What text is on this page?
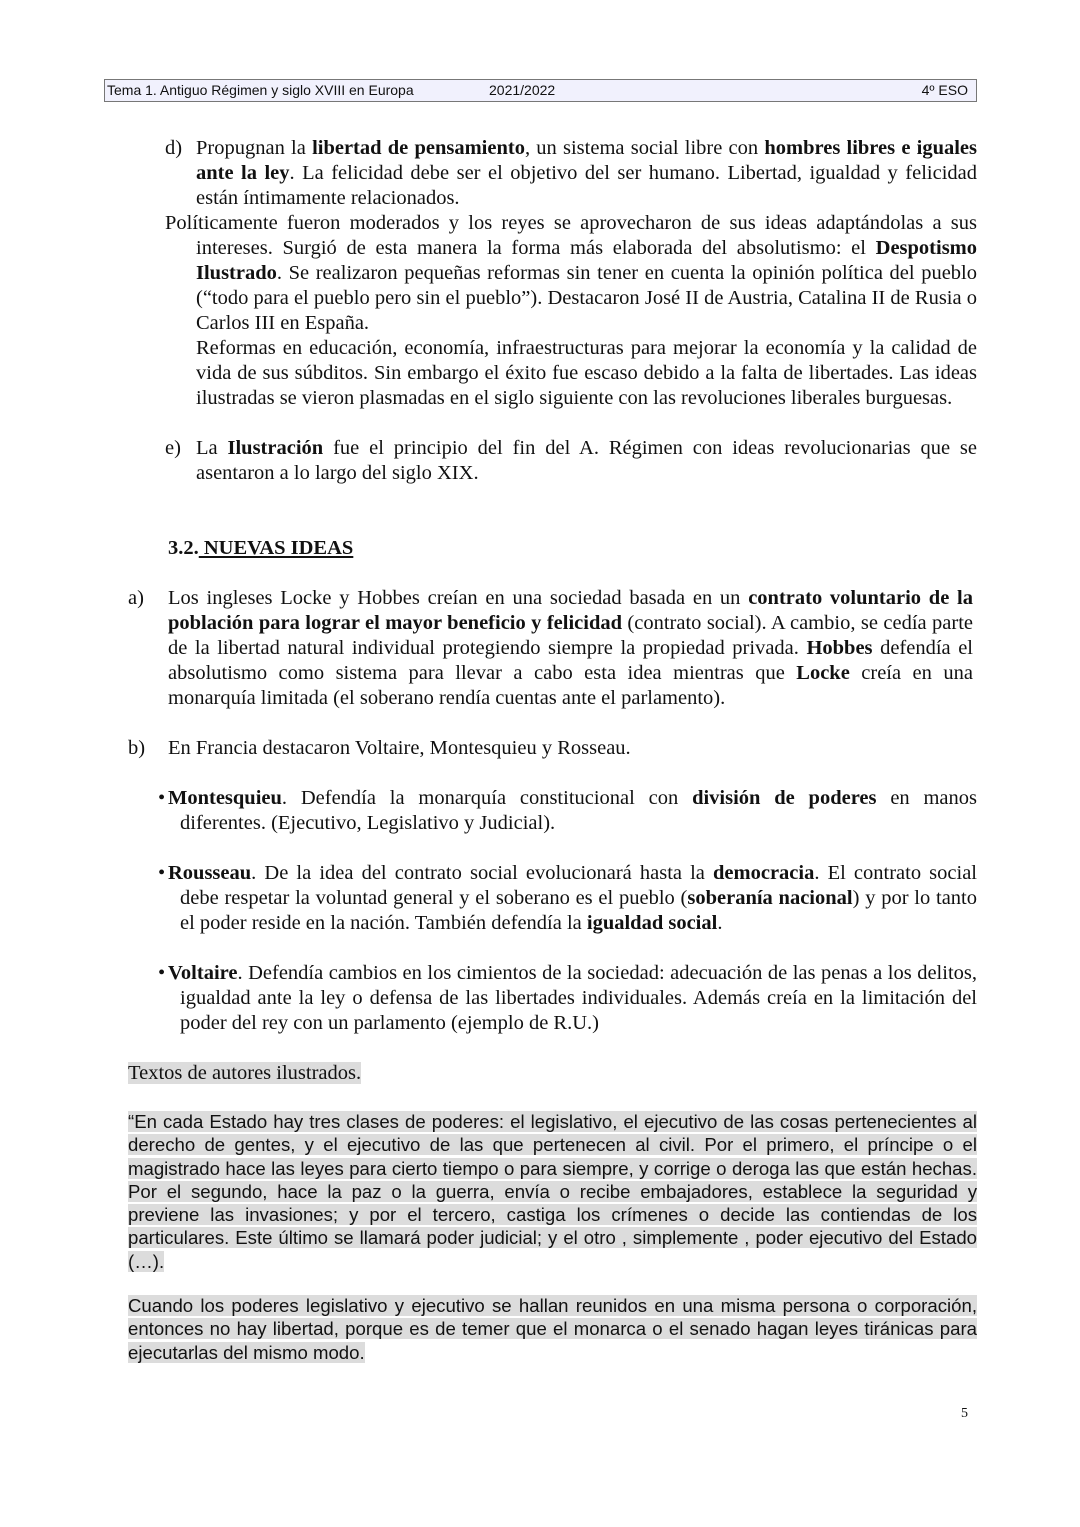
Tema 1. Antiguo Régimen y siglo XVIII en Europa	2021/2022	4º ESO
d) Propugnan la libertad de pensamiento, un sistema social libre con hombres libres e iguales ante la ley. La felicidad debe ser el objetivo del ser humano. Libertad, igualdad y felicidad están íntimamente relacionados.
Políticamente fueron moderados y los reyes se aprovecharon de sus ideas adaptándolas a sus intereses. Surgió de esta manera la forma más elaborada del absolutismo: el Despotismo Ilustrado. Se realizaron pequeñas reformas sin tener en cuenta la opinión política del pueblo (“todo para el pueblo pero sin el pueblo”). Destacaron José II de Austria, Catalina II de Rusia o Carlos III en España.
Reformas en educación, economía, infraestructuras para mejorar la economía y la calidad de vida de sus súbditos. Sin embargo el éxito fue escaso debido a la falta de libertades. Las ideas ilustradas se vieron plasmadas en el siglo siguiente con las revoluciones liberales burguesas.
e) La Ilustración fue el principio del fin del A. Régimen con ideas revolucionarias que se asentaron a lo largo del siglo XIX.
3.2. NUEVAS IDEAS
a) Los ingleses Locke y Hobbes creían en una sociedad basada en un contrato voluntario de la población para lograr el mayor beneficio y felicidad (contrato social). A cambio, se cedía parte de la libertad natural individual protegiendo siempre la propiedad privada. Hobbes defendía el absolutismo como sistema para llevar a cabo esta idea mientras que Locke creía en una monarquía limitada (el soberano rendía cuentas ante el parlamento).
b) En Francia destacaron Voltaire, Montesquieu y Rosseau.
• Montesquieu. Defendía la monarquía constitucional con división de poderes en manos diferentes. (Ejecutivo, Legislativo y Judicial).
• Rousseau. De la idea del contrato social evolucionará hasta la democracia. El contrato social debe respetar la voluntad general y el soberano es el pueblo (soberanía nacional) y por lo tanto el poder reside en la nación. También defendía la igualdad social.
• Voltaire. Defendía cambios en los cimientos de la sociedad: adecuación de las penas a los delitos, igualdad ante la ley o defensa de las libertades individuales. Además creía en la limitación del poder del rey con un parlamento (ejemplo de R.U.)
Textos de autores ilustrados.
“En cada Estado hay tres clases de poderes: el legislativo, el ejecutivo de las cosas pertenecientes al derecho de gentes, y el ejecutivo de las que pertenecen al civil. Por el primero, el príncipe o el magistrado hace las leyes para cierto tiempo o para siempre, y corrige o deroga las que están hechas. Por el segundo, hace la paz o la guerra, envía o recibe embajadores, establece la seguridad y previene las invasiones; y por el tercero, castiga los crímenes o decide las contiendas de los particulares. Este último se llamará poder judicial; y el otro , simplemente , poder ejecutivo del Estado (…).
Cuando los poderes legislativo y ejecutivo se hallan reunidos en una misma persona o corporación, entonces no hay libertad, porque es de temer que el monarca o el senado hagan leyes tiránicas para ejecutarlas del mismo modo.
5
